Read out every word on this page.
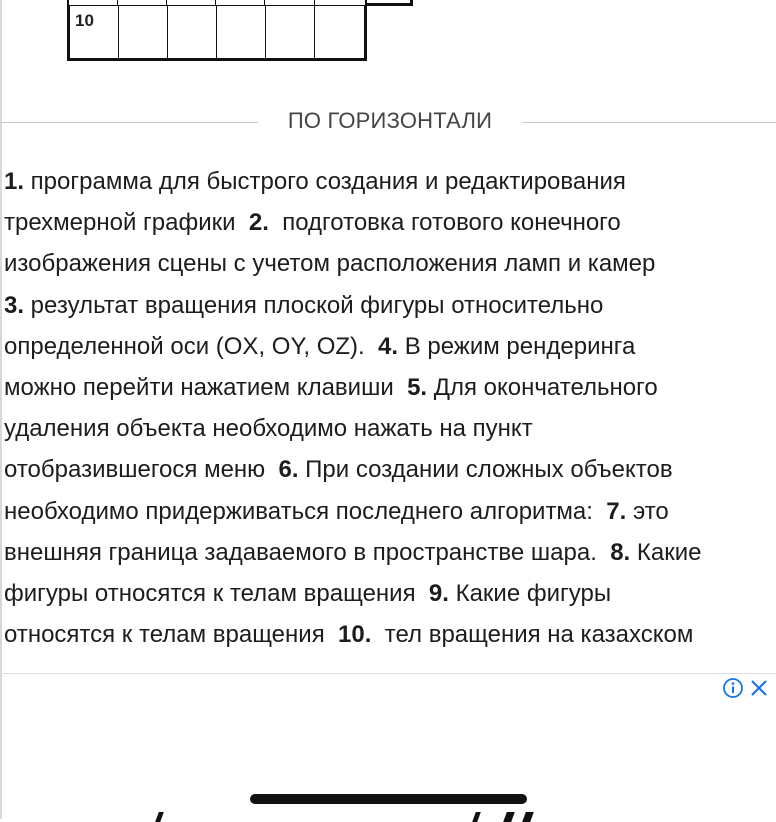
10
ПО ГОРИЗОНТАЛИ
1. программа для быстрого создания и редактирования
трехмерной графики  2.  подготовка готового конечного
изображения сцены с учетом расположения ламп и камер
3. результат вращения плоской фигуры относительно
определенной оси (OX, OY, OZ).  4. В режим рендеринга
можно перейти нажатием клавиши  5. Для окончательного
удаления объекта необходимо нажать на пункт
отобразившегося меню  6. При создании сложных объектов
необходимо придерживаться последнего алгоритма:  7. это
внешняя граница задаваемого в пространстве шара.  8. Какие
фигуры относятся к телам вращения  9. Какие фигуры
относятся к телам вращения  10.  тел вращения на казахском
